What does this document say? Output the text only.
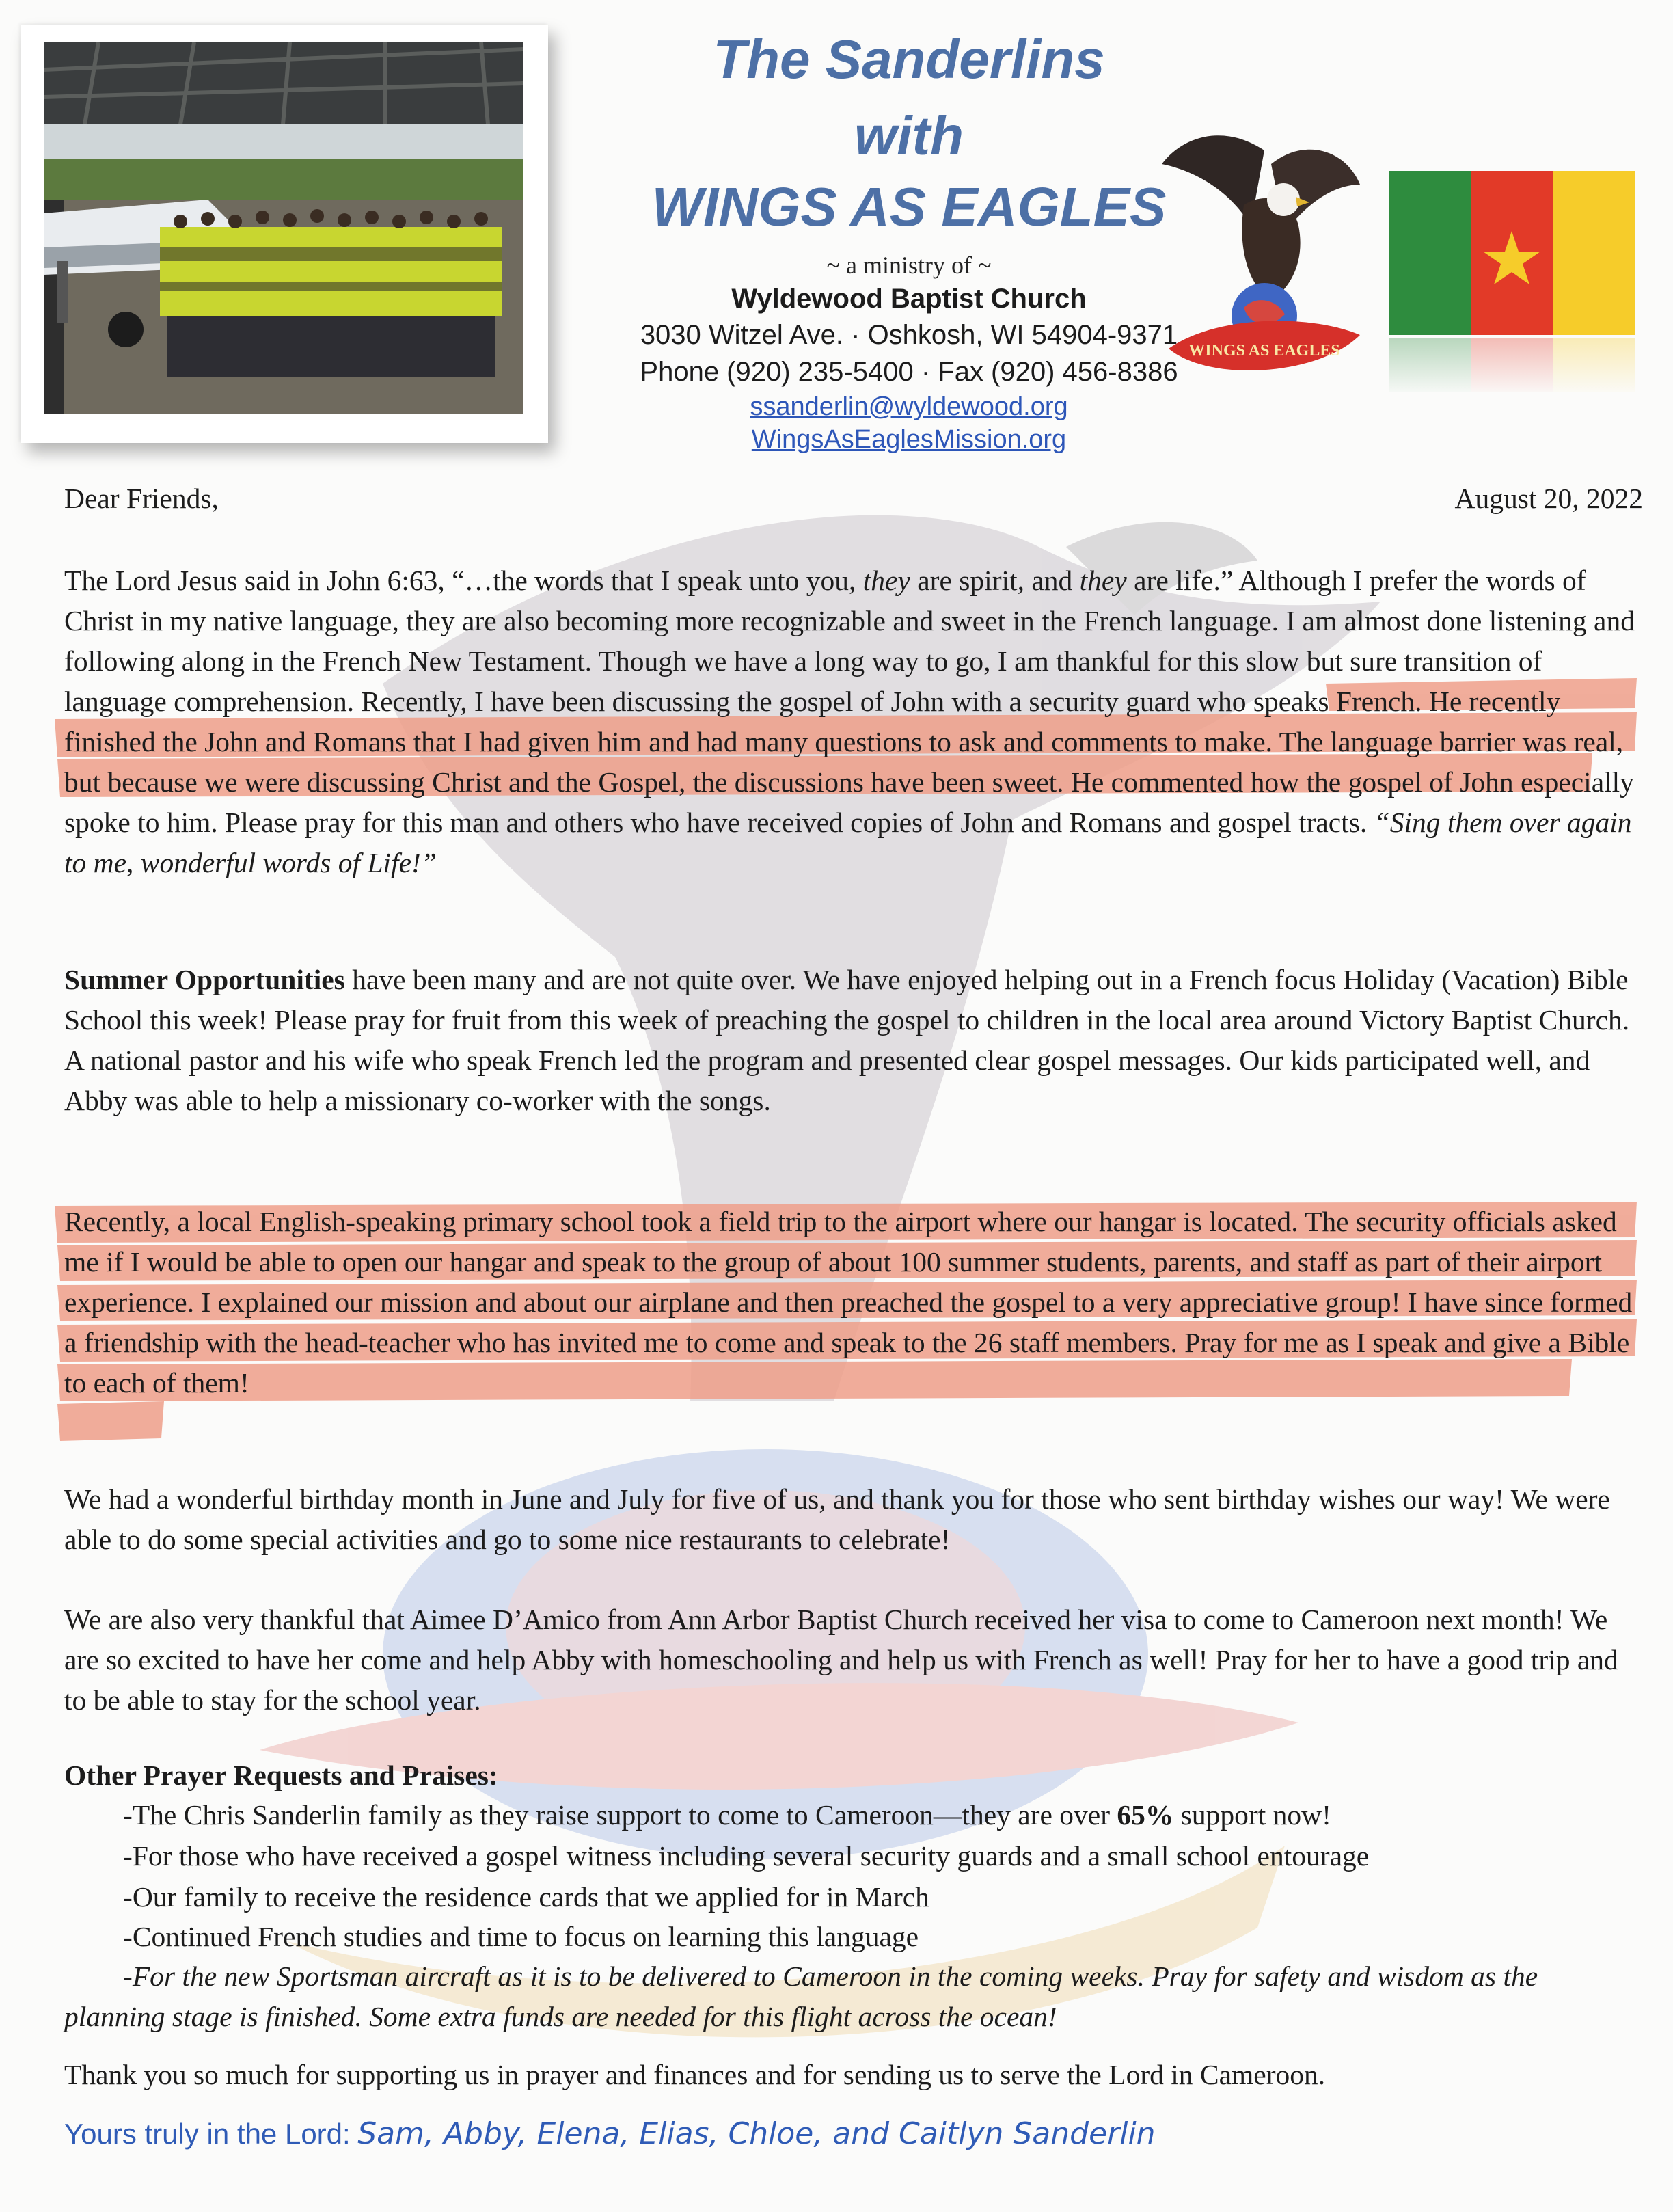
The Sanderlins
with
WINGS AS EAGLES
~ a ministry of ~
Wyldewood Baptist Church
3030 Witzel Ave. · Oshkosh, WI 54904-9371
Phone (920) 235-5400 · Fax (920) 456-8386
ssanderlin@wyldewood.org
WingsAsEaglesMission.org
WINGS AS EAGLES
Dear Friends,	August 20, 2022

The Lord Jesus said in John 6:63, “…the words that I speak unto you, they are spirit, and they are life.” Although I prefer the words of Christ in my native language, they are also becoming more recognizable and sweet in the French language. I am almost done listening and following along in the French New Testament. Though we have a long way to go, I am thankful for this slow but sure transition of language comprehension. Recently, I have been discussing the gospel of John with a security guard who speaks French. He recently finished the John and Romans that I had given him and had many questions to ask and comments to make. The language barrier was real, but because we were discussing Christ and the Gospel, the discussions have been sweet. He commented how the gospel of John especially spoke to him. Please pray for this man and others who have received copies of John and Romans and gospel tracts. “Sing them over again to me, wonderful words of Life!”

Summer Opportunities have been many and are not quite over. We have enjoyed helping out in a French focus Holiday (Vacation) Bible School this week! Please pray for fruit from this week of preaching the gospel to children in the local area around Victory Baptist Church. A national pastor and his wife who speak French led the program and presented clear gospel messages. Our kids participated well, and Abby was able to help a missionary co-worker with the songs.

Recently, a local English-speaking primary school took a field trip to the airport where our hangar is located. The security officials asked me if I would be able to open our hangar and speak to the group of about 100 summer students, parents, and staff as part of their airport experience. I explained our mission and about our airplane and then preached the gospel to a very appreciative group! I have since formed a friendship with the head-teacher who has invited me to come and speak to the 26 staff members. Pray for me as I speak and give a Bible to each of them!

We had a wonderful birthday month in June and July for five of us, and thank you for those who sent birthday wishes our way! We were able to do some special activities and go to some nice restaurants to celebrate!

We are also very thankful that Aimee D’Amico from Ann Arbor Baptist Church received her visa to come to Cameroon next month! We are so excited to have her come and help Abby with homeschooling and help us with French as well! Pray for her to have a good trip and to be able to stay for the school year.

Other Prayer Requests and Praises:

-The Chris Sanderlin family as they raise support to come to Cameroon—they are over 65% support now!

-For those who have received a gospel witness including several security guards and a small school entourage

-Our family to receive the residence cards that we applied for in March

-Continued French studies and time to focus on learning this language

-For the new Sportsman aircraft as it is to be delivered to Cameroon in the coming weeks. Pray for safety and wisdom as the planning stage is finished. Some extra funds are needed for this flight across the ocean!

Thank you so much for supporting us in prayer and finances and for sending us to serve the Lord in Cameroon.

Yours truly in the Lord: Sam, Abby, Elena, Elias, Chloe, and Caitlyn Sanderlin
